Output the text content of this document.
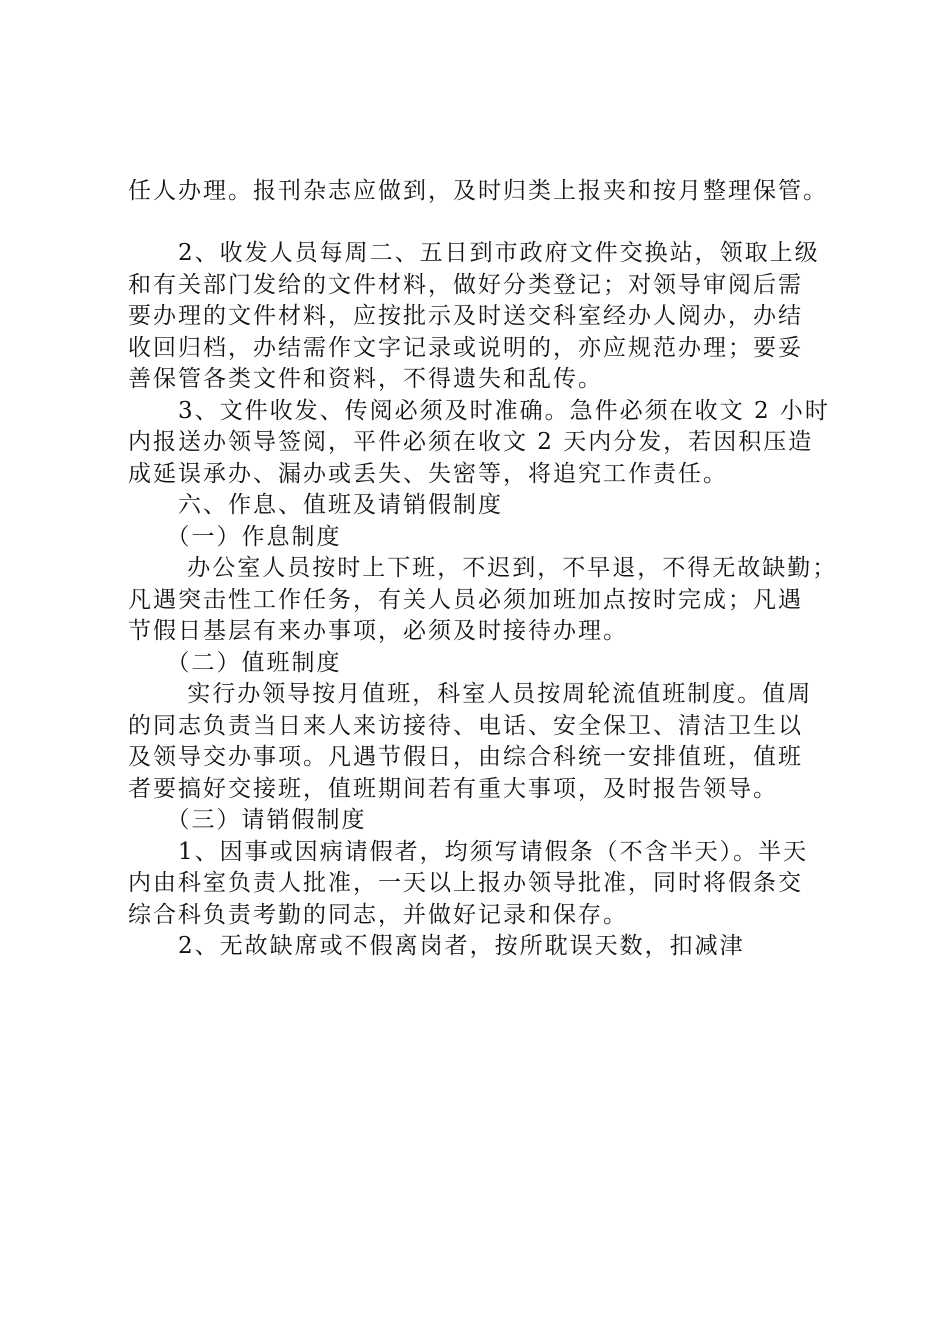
任人办理。报刊杂志应做到，及时归类上报夹和按月整理保管。
　　2、收发人员每周二、五日到市政府文件交换站，领取上级
和有关部门发给的文件材料，做好分类登记；对领导审阅后需
要办理的文件材料，应按批示及时送交科室经办人阅办，办结
收回归档，办结需作文字记录或说明的，亦应规范办理；要妥
善保管各类文件和资料，不得遗失和乱传。
　　3、文件收发、传阅必须及时准确。急件必须在收文 2 小时
内报送办领导签阅，平件必须在收文 2 天内分发，若因积压造
成延误承办、漏办或丢失、失密等，将追究工作责任。
　　六、作息、值班及请销假制度
　　（一）作息制度
　　 办公室人员按时上下班，不迟到，不早退，不得无故缺勤；
凡遇突击性工作任务，有关人员必须加班加点按时完成；凡遇
节假日基层有来办事项，必须及时接待办理。
　　（二）值班制度
　　 实行办领导按月值班，科室人员按周轮流值班制度。值周
的同志负责当日来人来访接待、电话、安全保卫、清洁卫生以
及领导交办事项。凡遇节假日，由综合科统一安排值班，值班
者要搞好交接班，值班期间若有重大事项，及时报告领导。
　　（三）请销假制度
　　1、因事或因病请假者，均须写请假条（不含半天）。半天
内由科室负责人批准，一天以上报办领导批准，同时将假条交
综合科负责考勤的同志，并做好记录和保存。
　　2、无故缺席或不假离岗者，按所耽误天数，扣减津
